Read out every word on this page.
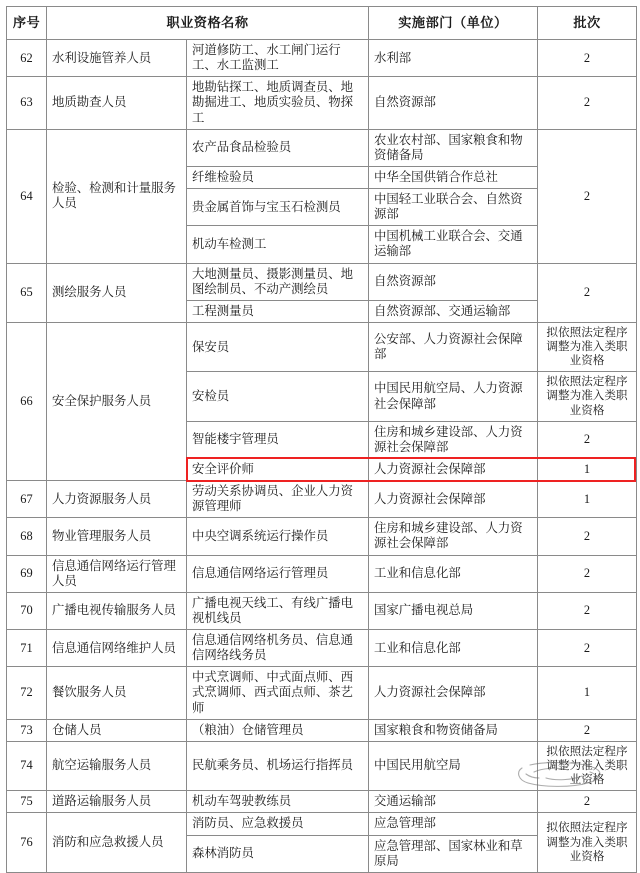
序号	职业资格名称		实施部门（单位）	批次
62	水利设施管养人员	河道修防工、水工闸门运行工、水工监测工	水利部	2
63	地质勘查人员	地勘钻探工、地质调查员、地勘掘进工、地质实验员、物探工	自然资源部	2
64	检验、检测和计量服务人员	农产品食品检验员	农业农村部、国家粮食和物资储备局	2
		纤维检验员	中华全国供销合作总社	
		贵金属首饰与宝玉石检测员	中国轻工业联合会、自然资源部	
		机动车检测工	中国机械工业联合会、交通运输部	
65	测绘服务人员	大地测量员、摄影测量员、地图绘制员、不动产测绘员	自然资源部	2
		工程测量员	自然资源部、交通运输部	
66	安全保护服务人员	保安员	公安部、人力资源社会保障部	拟依照法定程序调整为准入类职业资格
		安检员	中国民用航空局、人力资源社会保障部	拟依照法定程序调整为准入类职业资格
		智能楼宇管理员	住房和城乡建设部、人力资源社会保障部	2
		安全评价师	人力资源社会保障部	1
67	人力资源服务人员	劳动关系协调员、企业人力资源管理师	人力资源社会保障部	1
68	物业管理服务人员	中央空调系统运行操作员	住房和城乡建设部、人力资源社会保障部	2
69	信息通信网络运行管理人员	信息通信网络运行管理员	工业和信息化部	2
70	广播电视传输服务人员	广播电视天线工、有线广播电视机线员	国家广播电视总局	2
71	信息通信网络维护人员	信息通信网络机务员、信息通信网络线务员	工业和信息化部	2
72	餐饮服务人员	中式烹调师、中式面点师、西式烹调师、西式面点师、茶艺师	人力资源社会保障部	1
73	仓储人员	（粮油）仓储管理员	国家粮食和物资储备局	2
74	航空运输服务人员	民航乘务员、机场运行指挥员	中国民用航空局	拟依照法定程序调整为准入类职业资格
75	道路运输服务人员	机动车驾驶教练员	交通运输部	2
76	消防和应急救援人员	消防员、应急救援员	应急管理部	拟依照法定程序调整为准入类职业资格
		森林消防员	应急管理部、国家林业和草原局	
